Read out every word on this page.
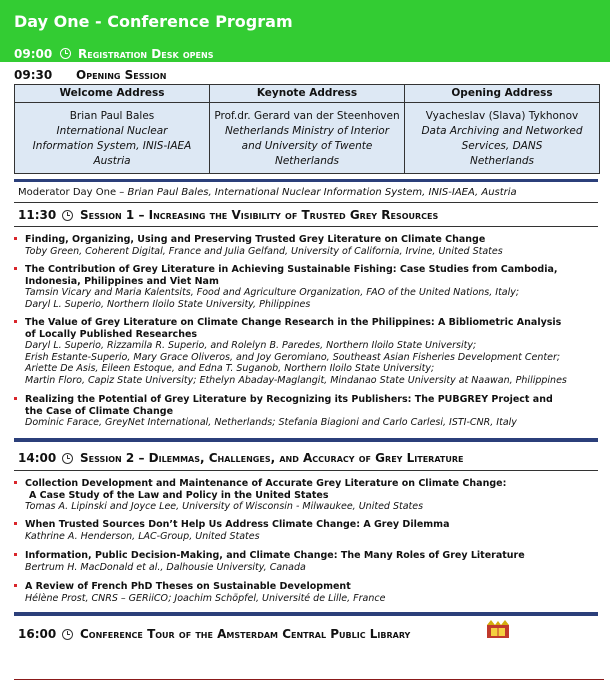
Day One - Conference Program
09:00 Registration Desk opens
09:30 Opening Session
Welcome Address
Brian Paul Bales
International Nuclear
Information System, INIS-IAEA
Austria
Keynote Address
Prof.dr. Gerard van der Steenhoven
Netherlands Ministry of Interior
and University of Twente
Netherlands
Opening Address
Vyacheslav (Slava) Tykhonov
Data Archiving and Networked
Services, DANS
Netherlands
Moderator Day One – Brian Paul Bales, International Nuclear Information System, INIS-IAEA, Austria
11:30 Session 1 – Increasing the Visibility of Trusted Grey Resources
Finding, Organizing, Using and Preserving Trusted Grey Literature on Climate Change
Toby Green, Coherent Digital, France and Julia Gelfand, University of California, Irvine, United States
The Contribution of Grey Literature in Achieving Sustainable Fishing: Case Studies from Cambodia,
Indonesia, Philippines and Viet Nam
Tamsin Vicary and Maria Kalentsits, Food and Agriculture Organization, FAO of the United Nations, Italy;
Daryl L. Superio, Northern Iloilo State University, Philippines
The Value of Grey Literature on Climate Change Research in the Philippines: A Bibliometric Analysis
of Locally Published Researches
Daryl L. Superio, Rizzamila R. Superio, and Rolelyn B. Paredes, Northern Iloilo State University;
Erish Estante-Superio, Mary Grace Oliveros, and Joy Geromiano, Southeast Asian Fisheries Development Center;
Ariette De Asis, Eileen Estoque, and Edna T. Suganob, Northern Iloilo State University;
Martin Floro, Capiz State University; Ethelyn Abaday-Maglangit, Mindanao State University at Naawan, Philippines
Realizing the Potential of Grey Literature by Recognizing its Publishers: The PUBGREY Project and
the Case of Climate Change
Dominic Farace, GreyNet International, Netherlands; Stefania Biagioni and Carlo Carlesi, ISTI-CNR, Italy
14:00 Session 2 – Dilemmas, Challenges, and Accuracy of Grey Literature
Collection Development and Maintenance of Accurate Grey Literature on Climate Change:
A Case Study of the Law and Policy in the United States
Tomas A. Lipinski and Joyce Lee, University of Wisconsin - Milwaukee, United States
When Trusted Sources Don’t Help Us Address Climate Change: A Grey Dilemma
Kathrine A. Henderson, LAC-Group, United States
Information, Public Decision-Making, and Climate Change: The Many Roles of Grey Literature
Bertrum H. MacDonald et al., Dalhousie University, Canada
A Review of French PhD Theses on Sustainable Development
Hélène Prost, CNRS – GERiiCO; Joachim Schöpfel, Université de Lille, France
16:00 Conference Tour of the Amsterdam Central Public Library
